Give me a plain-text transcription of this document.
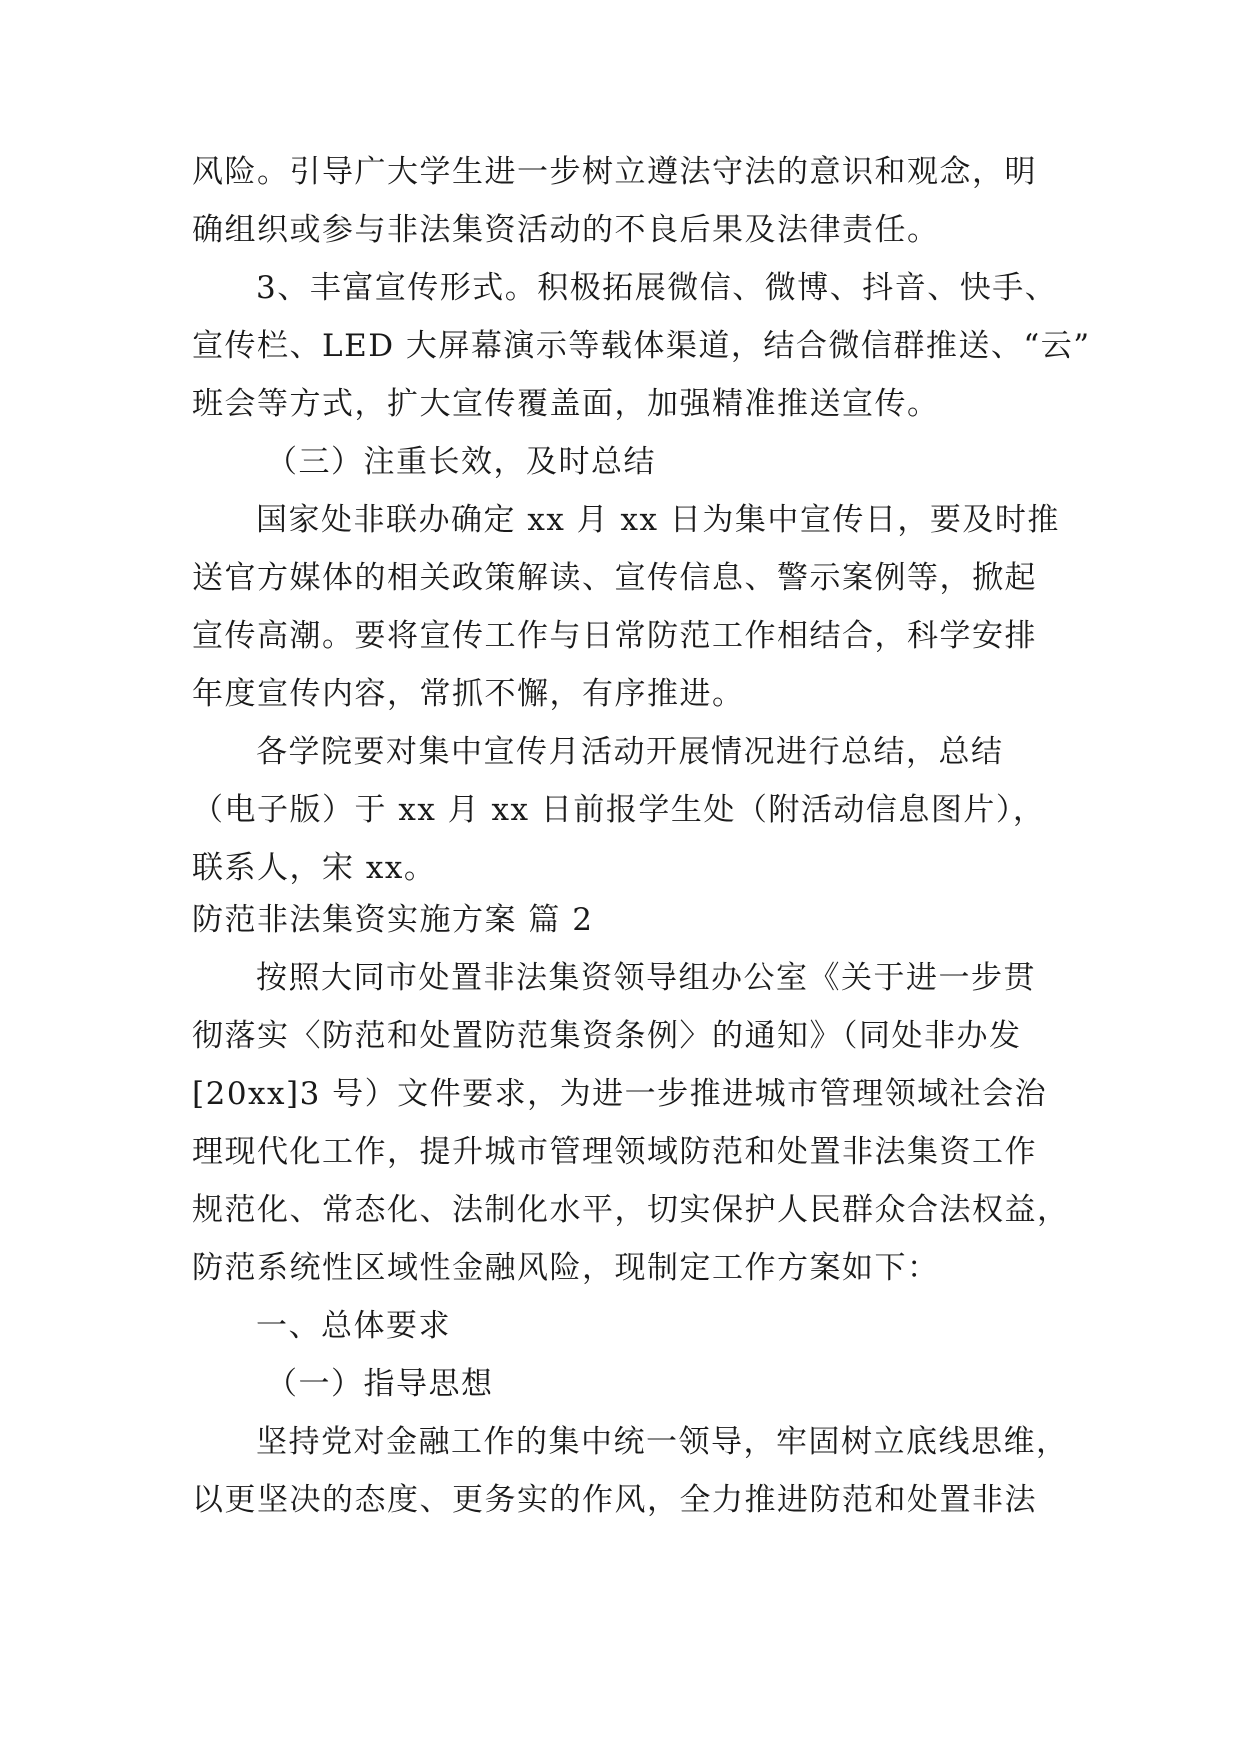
风险。引导广大学生进一步树立遵法守法的意识和观念，明
确组织或参与非法集资活动的不良后果及法律责任。
3、丰富宣传形式。积极拓展微信、微博、抖音、快手、
宣传栏、LED 大屏幕演示等载体渠道，结合微信群推送、“云”
班会等方式，扩大宣传覆盖面，加强精准推送宣传。
（三）注重长效，及时总结
国家处非联办确定 xx 月 xx 日为集中宣传日，要及时推
送官方媒体的相关政策解读、宣传信息、警示案例等，掀起
宣传高潮。要将宣传工作与日常防范工作相结合，科学安排
年度宣传内容，常抓不懈，有序推进。
各学院要对集中宣传月活动开展情况进行总结，总结
（电子版）于 xx 月 xx 日前报学生处（附活动信息图片），
联系人，宋 xx。
防范非法集资实施方案 篇 2
按照大同市处置非法集资领导组办公室《关于进一步贯
彻落实〈防范和处置防范集资条例〉的通知》（同处非办发
[20xx]3 号）文件要求，为进一步推进城市管理领域社会治
理现代化工作，提升城市管理领域防范和处置非法集资工作
规范化、常态化、法制化水平，切实保护人民群众合法权益，
防范系统性区域性金融风险，现制定工作方案如下：
一、总体要求
（一）指导思想
坚持党对金融工作的集中统一领导，牢固树立底线思维，
以更坚决的态度、更务实的作风，全力推进防范和处置非法
